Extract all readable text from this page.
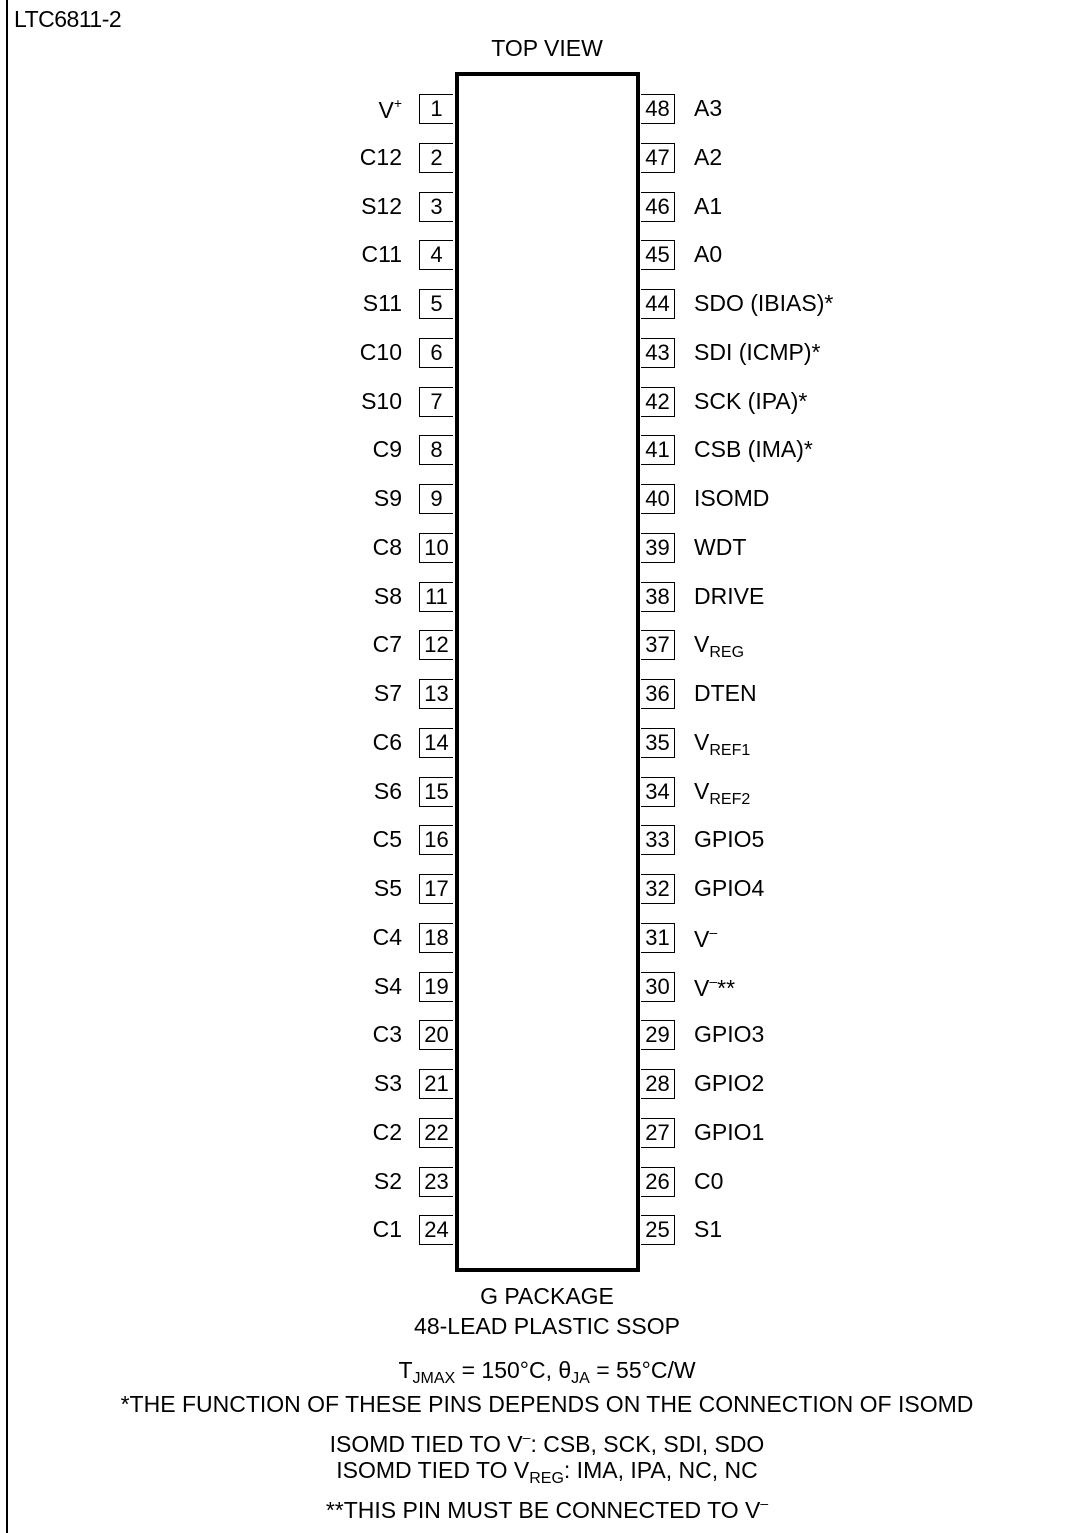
LTC6811-2
TOP VIEW
1
V+
2
C12
3
S12
4
C11
5
S11
6
C10
7
S10
8
C9
9
S9
10
C8
11
S8
12
C7
13
S7
14
C6
15
S6
16
C5
17
S5
18
C4
19
S4
20
C3
21
S3
22
C2
23
S2
24
C1
48 A3
47 A2
46 A1
45 A0
44 SDO (IBIAS)*
43 SDI (ICMP)*
42 SCK (IPA)*
41 CSB (IMA)*
40 ISOMD
39 WDT
38 DRIVE
37 $V_{REG}$
36 DTEN
35 $V_{REF1}$
34 $V_{REF2}$
33 GPIO5
32 GPIO4
31 V–
30 V–**
29 GPIO3
28 GPIO2
27 GPIO1
26 C0
25 S1
G PACKAGE
48-LEAD PLASTIC SSOP
$T_{JMAX} = 150^\circ C$, $\theta_{JA} = 55^\circ C/W$
*THE FUNCTION OF THESE PINS DEPENDS ON THE CONNECTION OF ISOMD
ISOMD TIED TO V–: CSB, SCK, SDI, SDO
ISOMD TIED TO $V_{REG}$: IMA, IPA, NC, NC
**THIS PIN MUST BE CONNECTED TO V–
